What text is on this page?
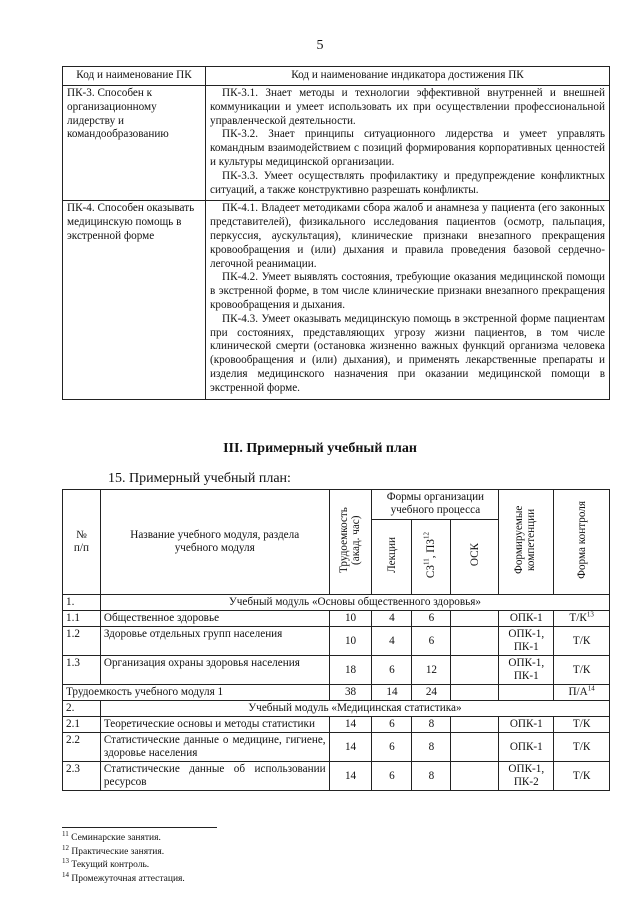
5
Код и наименование ПК	Код и наименование индикатора достижения ПК
ПК-3. Способен к организационному лидерству и командообразованию	ПК-3.1. Знает методы и технологии эффективной внутренней и внешней коммуникации и умеет использовать их при осуществлении профессиональной управленческой деятельности.
ПК-3.2. Знает принципы ситуационного лидерства и умеет управлять командным взаимодействием с позиций формирования корпоративных ценностей и культуры медицинской организации.
ПК-3.3. Умеет осуществлять профилактику и предупреждение конфликтных ситуаций, а также конструктивно разрешать конфликты.

ПК-4. Способен оказывать медицинскую помощь в экстренной форме	ПК-4.1. Владеет методиками сбора жалоб и анамнеза у пациента (его законных представителей), физикального исследования пациентов (осмотр, пальпация, перкуссия, аускультация), клинические признаки внезапного прекращения кровообращения и (или) дыхания и правила проведения базовой сердечно-легочной реанимации.
ПК-4.2. Умеет выявлять состояния, требующие оказания медицинской помощи в экстренной форме, в том числе клинические признаки внезапного прекращения кровообращения и дыхания.
ПК-4.3. Умеет оказывать медицинскую помощь в экстренной форме пациентам при состояниях, представляющих угрозу жизни пациентов, в том числе клинической смерти (остановка жизненно важных функций организма человека (кровообращения и (или) дыхания), и применять лекарственные препараты и изделия медицинского назначения при оказании медицинской помощи в экстренной форме.
III. Примерный учебный план
15. Примерный учебный план:
№ п/п	Название учебного модуля, раздела учебного модуля	Трудоемкость (акад. час)	Формы организации учебного процесса			Формируемые компетенции	Форма контроля
			Лекции	СЗ$^{11}$, ПЗ$^{12}$	ОСК		
1.	Учебный модуль «Основы общественного здоровья»						
1.1	Общественное здоровье	10	4	6		ОПК-1	$Т/К^{13}$
1.2	Здоровье отдельных групп населения	10	4	6		ОПК-1, ПК-1	Т/К
1.3	Организация охраны здоровья населения	18	6	12		ОПК-1, ПК-1	Т/К
Трудоемкость учебного модуля 1		38	14	24			$П/А^{14}$
2.	Учебный модуль «Медицинская статистика»						
2.1	Теоретические основы и методы статистики	14	6	8		ОПК-1	Т/К
2.2	Статистические данные о медицине, гигиене, здоровье населения	14	6	8		ОПК-1	Т/К
2.3	Статистические данные об использовании ресурсов	14	6	8		ОПК-1, ПК-2	Т/К
$^{11}$ Семинарские занятия.
$^{12}$ Практические занятия.
$^{13}$ Текущий контроль.
$^{14}$ Промежуточная аттестация.
